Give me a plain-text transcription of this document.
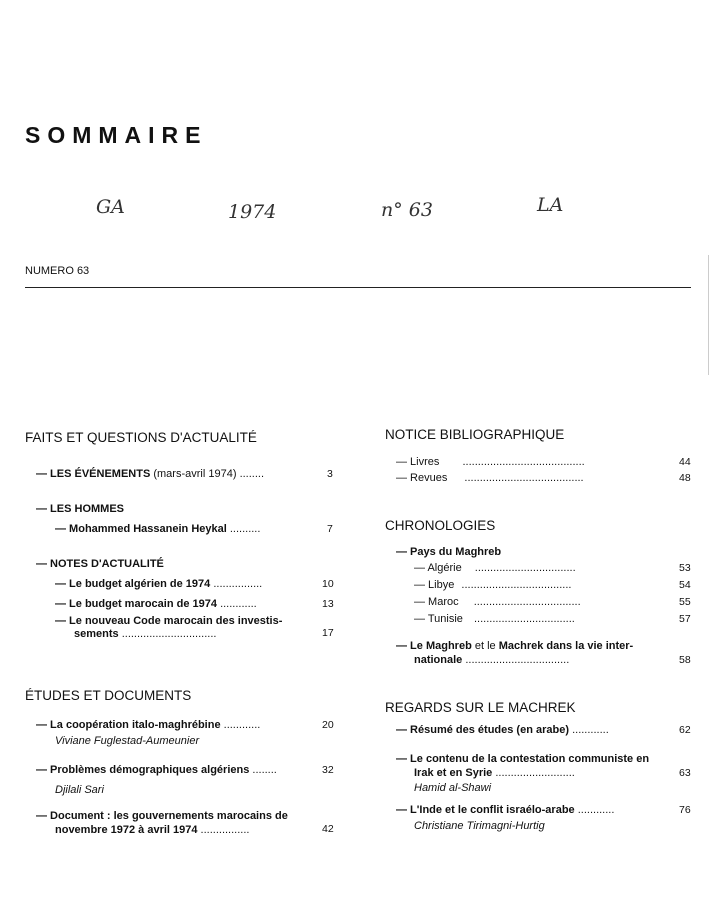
SOMMAIRE
GA	1974	n° 63	LA
NUMERO 63
FAITS ET QUESTIONS D'ACTUALITÉ
— LES ÉVÉNEMENTS (mars-avril 1974) ........	3
— LES HOMMES
— Mohammed Hassanein Heykal ..........	7
— NOTES D'ACTUALITÉ
— Le budget algérien de 1974 ................	10
— Le budget marocain de 1974 ............	13
— Le nouveau Code marocain des investis-
sements ...............................	17
ÉTUDES ET DOCUMENTS
— La coopération italo-maghrébine ............	20
Viviane Fuglestad-Aumeunier
— Problèmes démographiques algériens ........	32
Djilali Sari
— Document : les gouvernements marocains de
novembre 1972 à avril 1974 ................	42
NOTICE BIBLIOGRAPHIQUE
— Livres ........................................	44
— Revues .......................................	48
CHRONOLOGIES
— Pays du Maghreb
— Algérie .................................	53
— Libye ....................................	54
— Maroc ...................................	55
— Tunisie .................................	57
— Le Maghreb et le Machrek dans la vie inter-
nationale ..................................	58
REGARDS SUR LE MACHREK
— Résumé des études (en arabe) ............	62
— Le contenu de la contestation communiste en
Irak et en Syrie ..........................	63
Hamid al-Shawi
— L'Inde et le conflit israélo-arabe ............	76
Christiane Tirimagni-Hurtig
